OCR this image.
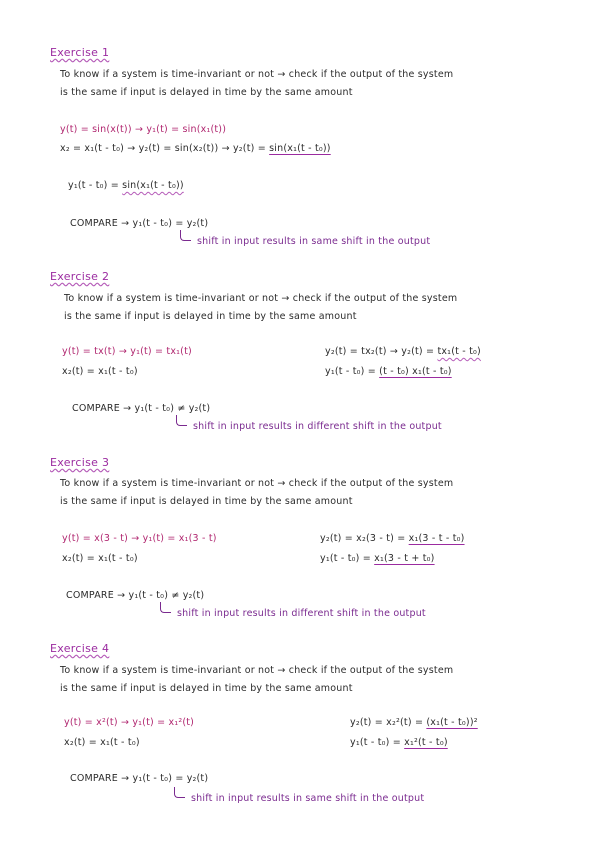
Exercise 1
To know if a system is time-invariant or not → check if the output of the system
is the same if input is delayed in time by the same amount
y(t) = sin(x(t)) → y₁(t) = sin(x₁(t))
x₂ = x₁(t - t₀) → y₂(t) = sin(x₂(t)) → y₂(t) = sin(x₁(t - t₀))
y₁(t - t₀) = sin(x₁(t - t₀))
COMPARE → y₁(t - t₀) = y₂(t)
shift in input results in same shift in the output
Exercise 2
To know if a system is time-invariant or not → check if the output of the system
is the same if input is delayed in time by the same amount
y(t) = tx(t) → y₁(t) = tx₁(t)
x₂(t) = x₁(t - t₀)
y₂(t) = tx₂(t) → y₂(t) = tx₁(t - t₀)
y₁(t - t₀) = (t - t₀) x₁(t - t₀)
COMPARE → y₁(t - t₀) ≠ y₂(t)
shift in input results in different shift in the output
Exercise 3
To know if a system is time-invariant or not → check if the output of the system
is the same if input is delayed in time by the same amount
y(t) = x(3 - t) → y₁(t) = x₁(3 - t)
x₂(t) = x₁(t - t₀)
y₂(t) = x₂(3 - t) = x₁(3 - t - t₀)
y₁(t - t₀) = x₁(3 - t + t₀)
COMPARE → y₁(t - t₀) ≠ y₂(t)
shift in input results in different shift in the output
Exercise 4
To know if a system is time-invariant or not → check if the output of the system
is the same if input is delayed in time by the same amount
y(t) = x²(t) → y₁(t) = x₁²(t)
x₂(t) = x₁(t - t₀)
y₂(t) = x₂²(t) = (x₁(t - t₀))²
y₁(t - t₀) = x₁²(t - t₀)
COMPARE → y₁(t - t₀) = y₂(t)
shift in input results in same shift in the output
